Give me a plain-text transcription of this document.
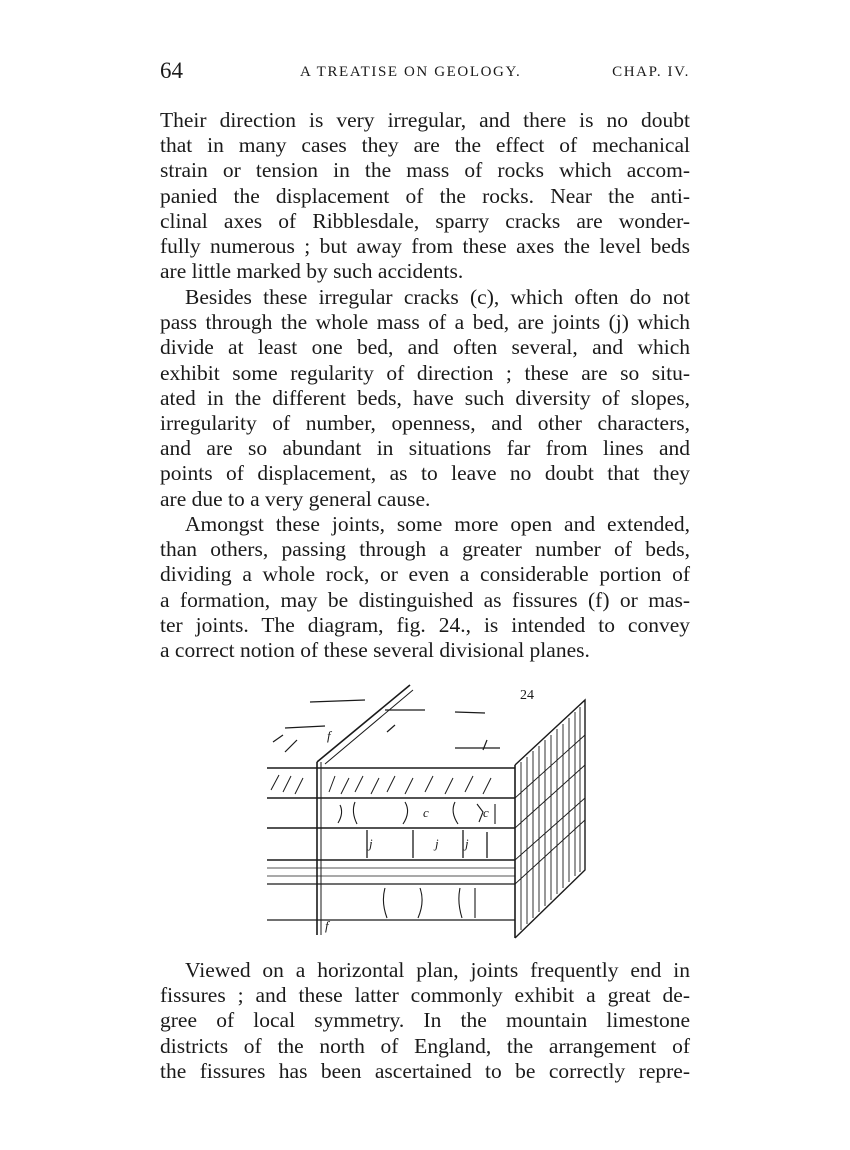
64	A TREATISE ON GEOLOGY.	CHAP. IV.
Their direction is very irregular, and there is no doubt
that in many cases they are the effect of mechanical
strain or tension in the mass of rocks which accom-
panied the displacement of the rocks. Near the anti-
clinal axes of Ribblesdale, sparry cracks are wonder-
fully numerous ; but away from these axes the level beds
are little marked by such accidents.
Besides these irregular cracks (c), which often do not
pass through the whole mass of a bed, are joints (j) which
divide at least one bed, and often several, and which
exhibit some regularity of direction ; these are so situ-
ated in the different beds, have such diversity of slopes,
irregularity of number, openness, and other characters,
and are so abundant in situations far from lines and
points of displacement, as to leave no doubt that they
are due to a very general cause.
Amongst these joints, some more open and extended,
than others, passing through a greater number of beds,
dividing a whole rock, or even a considerable portion of
a formation, may be distinguished as fissures (f) or mas-
ter joints. The diagram, fig. 24., is intended to convey
a correct notion of these several divisional planes.
24
f
f
c	c
j	j
j
Viewed on a horizontal plan, joints frequently end in
fissures ; and these latter commonly exhibit a great de-
gree of local symmetry. In the mountain limestone
districts of the north of England, the arrangement of
the fissures has been ascertained to be correctly repre-
